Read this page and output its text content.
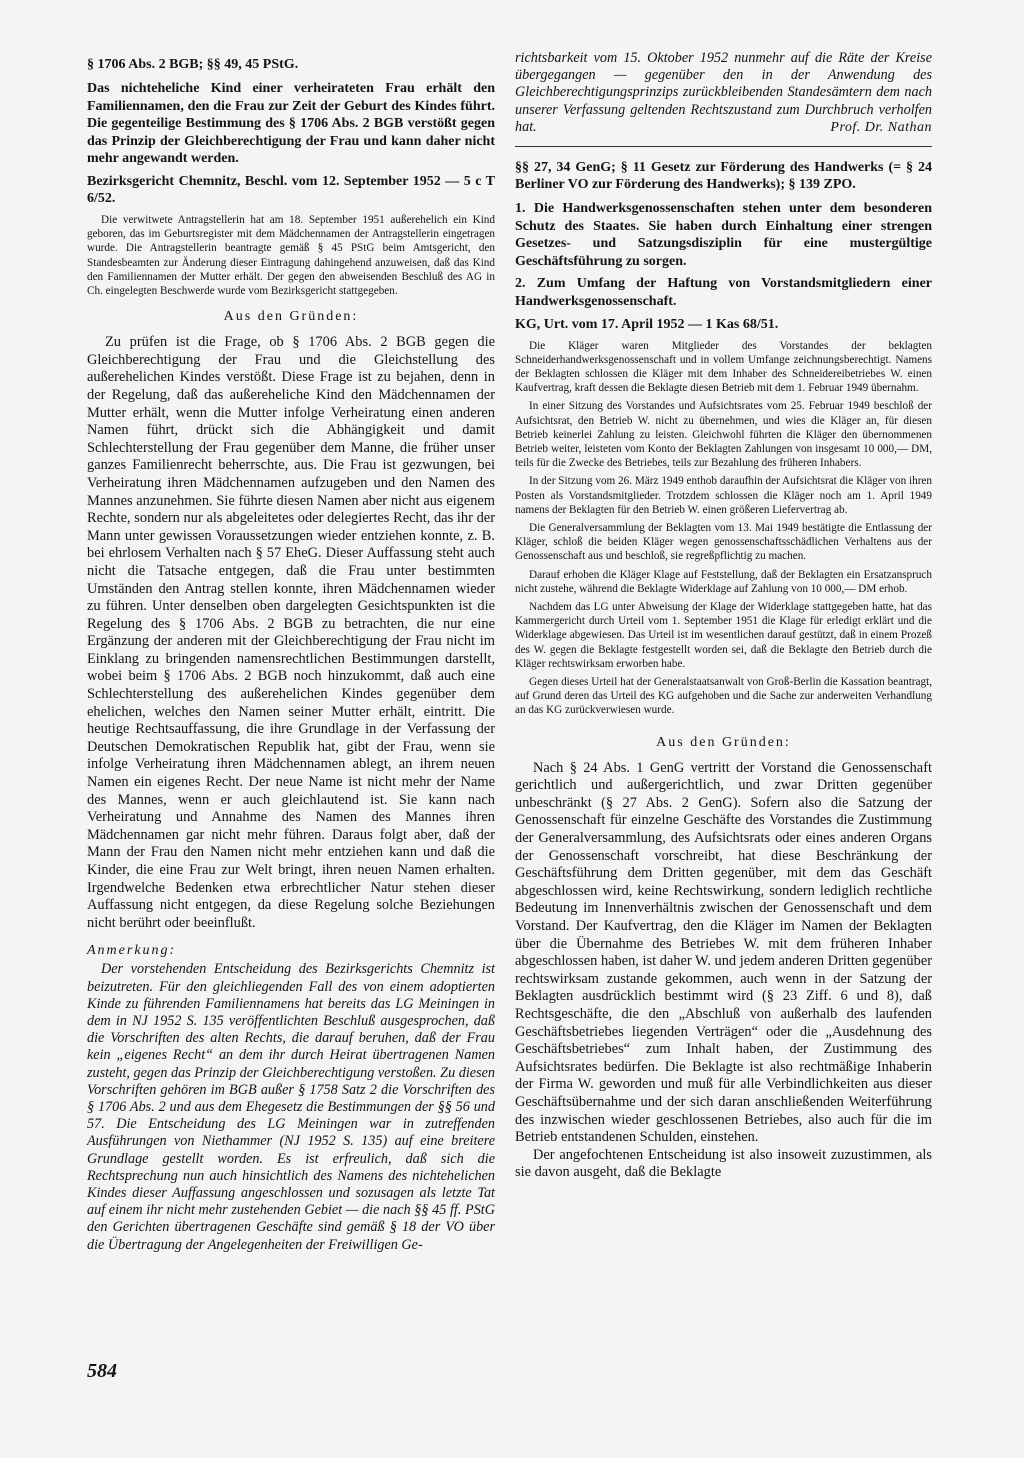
§ 1706 Abs. 2 BGB; §§ 49, 45 PStG.

Das nichteheliche Kind einer verheirateten Frau erhält den Familiennamen, den die Frau zur Zeit der Geburt des Kindes führt. Die gegenteilige Bestimmung des § 1706 Abs. 2 BGB verstößt gegen das Prinzip der Gleichberechtigung der Frau und kann daher nicht mehr angewandt werden.

Bezirksgericht Chemnitz, Beschl. vom 12. September 1952 — 5 c T 6/52.

Die verwitwete Antragstellerin hat am 18. September 1951 außerehelich ein Kind geboren, das im Geburtsregister mit dem Mädchennamen der Antragstellerin eingetragen wurde. Die Antragstellerin beantragte gemäß § 45 PStG beim Amtsgericht, den Standesbeamten zur Änderung dieser Eintragung dahingehend anzuweisen, daß das Kind den Familiennamen der Mutter erhält. Der gegen den abweisenden Beschluß des AG in Ch. eingelegten Beschwerde wurde vom Bezirksgericht stattgegeben.

Aus den Gründen:

Zu prüfen ist die Frage, ob § 1706 Abs. 2 BGB gegen die Gleichberechtigung der Frau und die Gleichstellung des außerehelichen Kindes verstößt. Diese Frage ist zu bejahen, denn in der Regelung, daß das außereheliche Kind den Mädchennamen der Mutter erhält, wenn die Mutter infolge Verheiratung einen anderen Namen führt, drückt sich die Abhängigkeit und damit Schlechterstellung der Frau gegenüber dem Manne, die früher unser ganzes Familienrecht beherrschte, aus. Die Frau ist gezwungen, bei Verheiratung ihren Mädchennamen aufzugeben und den Namen des Mannes anzunehmen. Sie führte diesen Namen aber nicht aus eigenem Rechte, sondern nur als abgeleitetes oder delegiertes Recht, das ihr der Mann unter gewissen Voraussetzungen wieder entziehen konnte, z. B. bei ehrlosem Verhalten nach § 57 EheG. Dieser Auffassung steht auch nicht die Tatsache entgegen, daß die Frau unter bestimmten Umständen den Antrag stellen konnte, ihren Mädchennamen wieder zu führen. Unter denselben oben dargelegten Gesichtspunkten ist die Regelung des § 1706 Abs. 2 BGB zu betrachten, die nur eine Ergänzung der anderen mit der Gleichberechtigung der Frau nicht im Einklang zu bringenden namensrechtlichen Bestimmungen darstellt, wobei beim § 1706 Abs. 2 BGB noch hinzukommt, daß auch eine Schlechterstellung des außerehelichen Kindes gegenüber dem ehelichen, welches den Namen seiner Mutter erhält, eintritt. Die heutige Rechtsauffassung, die ihre Grundlage in der Verfassung der Deutschen Demokratischen Republik hat, gibt der Frau, wenn sie infolge Verheiratung ihren Mädchennamen ablegt, an ihrem neuen Namen ein eigenes Recht. Der neue Name ist nicht mehr der Name des Mannes, wenn er auch gleichlautend ist. Sie kann nach Verheiratung und Annahme des Namen des Mannes ihren Mädchennamen gar nicht mehr führen. Daraus folgt aber, daß der Mann der Frau den Namen nicht mehr entziehen kann und daß die Kinder, die eine Frau zur Welt bringt, ihren neuen Namen erhalten. Irgendwelche Bedenken etwa erbrechtlicher Natur stehen dieser Auffassung nicht entgegen, da diese Regelung solche Beziehungen nicht berührt oder beeinflußt.

Anmerkung:

Der vorstehenden Entscheidung des Bezirksgerichts Chemnitz ist beizutreten. Für den gleichliegenden Fall des von einem adoptierten Kinde zu führenden Familiennamens hat bereits das LG Meiningen in dem in NJ 1952 S. 135 veröffentlichten Beschluß ausgesprochen, daß die Vorschriften des alten Rechts, die darauf beruhen, daß der Frau kein „eigenes Recht“ an dem ihr durch Heirat übertragenen Namen zusteht, gegen das Prinzip der Gleichberechtigung verstoßen. Zu diesen Vorschriften gehören im BGB außer § 1758 Satz 2 die Vorschriften des § 1706 Abs. 2 und aus dem Ehegesetz die Bestimmungen der §§ 56 und 57. Die Entscheidung des LG Meiningen war in zutreffenden Ausführungen von Niethammer (NJ 1952 S. 135) auf eine breitere Grundlage gestellt worden. Es ist erfreulich, daß sich die Rechtsprechung nun auch hinsichtlich des Namens des nichtehelichen Kindes dieser Auffassung angeschlossen und sozusagen als letzte Tat auf einem ihr nicht mehr zustehenden Gebiet — die nach §§ 45 ff. PStG den Gerichten übertragenen Geschäfte sind gemäß § 18 der VO über die Übertragung der Angelegenheiten der Freiwilligen Ge-

richtsbarkeit vom 15. Oktober 1952 nunmehr auf die Räte der Kreise übergegangen — gegenüber den in der Anwendung des Gleichberechtigungsprinzips zurückbleibenden Standesämtern dem nach unserer Verfassung geltenden Rechtszustand zum Durchbruch verholfen hat.	Prof. Dr. Nathan

§§ 27, 34 GenG; § 11 Gesetz zur Förderung des Handwerks (= § 24 Berliner VO zur Förderung des Handwerks); § 139 ZPO.

1. Die Handwerksgenossenschaften stehen unter dem besonderen Schutz des Staates. Sie haben durch Einhaltung einer strengen Gesetzes- und Satzungsdisziplin für eine mustergültige Geschäftsführung zu sorgen.

2. Zum Umfang der Haftung von Vorstandsmitgliedern einer Handwerksgenossenschaft.

KG, Urt. vom 17. April 1952 — 1 Kas 68/51.

Die Kläger waren Mitglieder des Vorstandes der beklagten Schneiderhandwerksgenossenschaft und in vollem Umfange zeichnungsberechtigt. Namens der Beklagten schlossen die Kläger mit dem Inhaber des Schneidereibetriebes W. einen Kaufvertrag, kraft dessen die Beklagte diesen Betrieb mit dem 1. Februar 1949 übernahm.

In einer Sitzung des Vorstandes und Aufsichtsrates vom 25. Februar 1949 beschloß der Aufsichtsrat, den Betrieb W. nicht zu übernehmen, und wies die Kläger an, für diesen Betrieb keinerlei Zahlung zu leisten. Gleichwohl führten die Kläger den übernommenen Betrieb weiter, leisteten vom Konto der Beklagten Zahlungen von insgesamt 10 000,— DM, teils für die Zwecke des Betriebes, teils zur Bezahlung des früheren Inhabers.

In der Sitzung vom 26. März 1949 enthob daraufhin der Aufsichtsrat die Kläger von ihren Posten als Vorstandsmitglieder. Trotzdem schlossen die Kläger noch am 1. April 1949 namens der Beklagten für den Betrieb W. einen größeren Liefervertrag ab.

Die Generalversammlung der Beklagten vom 13. Mai 1949 bestätigte die Entlassung der Kläger, schloß die beiden Kläger wegen genossenschaftsschädlichen Verhaltens aus der Genossenschaft aus und beschloß, sie regreßpflichtig zu machen.

Darauf erhoben die Kläger Klage auf Feststellung, daß der Beklagten ein Ersatzanspruch nicht zustehe, während die Beklagte Widerklage auf Zahlung von 10 000,— DM erhob.

Nachdem das LG unter Abweisung der Klage der Widerklage stattgegeben hatte, hat das Kammergericht durch Urteil vom 1. September 1951 die Klage für erledigt erklärt und die Widerklage abgewiesen. Das Urteil ist im wesentlichen darauf gestützt, daß in einem Prozeß des W. gegen die Beklagte festgestellt worden sei, daß die Beklagte den Betrieb durch die Kläger rechtswirksam erworben habe.

Gegen dieses Urteil hat der Generalstaatsanwalt von Groß-Berlin die Kassation beantragt, auf Grund deren das Urteil des KG aufgehoben und die Sache zur anderweiten Verhandlung an das KG zurückverwiesen wurde.

Aus den Gründen:

Nach § 24 Abs. 1 GenG vertritt der Vorstand die Genossenschaft gerichtlich und außergerichtlich, und zwar Dritten gegenüber unbeschränkt (§ 27 Abs. 2 GenG). Sofern also die Satzung der Genossenschaft für einzelne Geschäfte des Vorstandes die Zustimmung der Generalversammlung, des Aufsichtsrats oder eines anderen Organs der Genossenschaft vorschreibt, hat diese Beschränkung der Geschäftsführung dem Dritten gegenüber, mit dem das Geschäft abgeschlossen wird, keine Rechtswirkung, sondern lediglich rechtliche Bedeutung im Innenverhältnis zwischen der Genossenschaft und dem Vorstand. Der Kaufvertrag, den die Kläger im Namen der Beklagten über die Übernahme des Betriebes W. mit dem früheren Inhaber abgeschlossen haben, ist daher W. und jedem anderen Dritten gegenüber rechtswirksam zustande gekommen, auch wenn in der Satzung der Beklagten ausdrücklich bestimmt wird (§ 23 Ziff. 6 und 8), daß Rechtsgeschäfte, die den „Abschluß von außerhalb des laufenden Geschäftsbetriebes liegenden Verträgen“ oder die „Ausdehnung des Geschäftsbetriebes“ zum Inhalt haben, der Zustimmung des Aufsichtsrates bedürfen. Die Beklagte ist also rechtmäßige Inhaberin der Firma W. geworden und muß für alle Verbindlichkeiten aus dieser Geschäftsübernahme und der sich daran anschließenden Weiterführung des inzwischen wieder geschlossenen Betriebes, also auch für die im Betrieb entstandenen Schulden, einstehen.

Der angefochtenen Entscheidung ist also insoweit zuzustimmen, als sie davon ausgeht, daß die Beklagte

584
